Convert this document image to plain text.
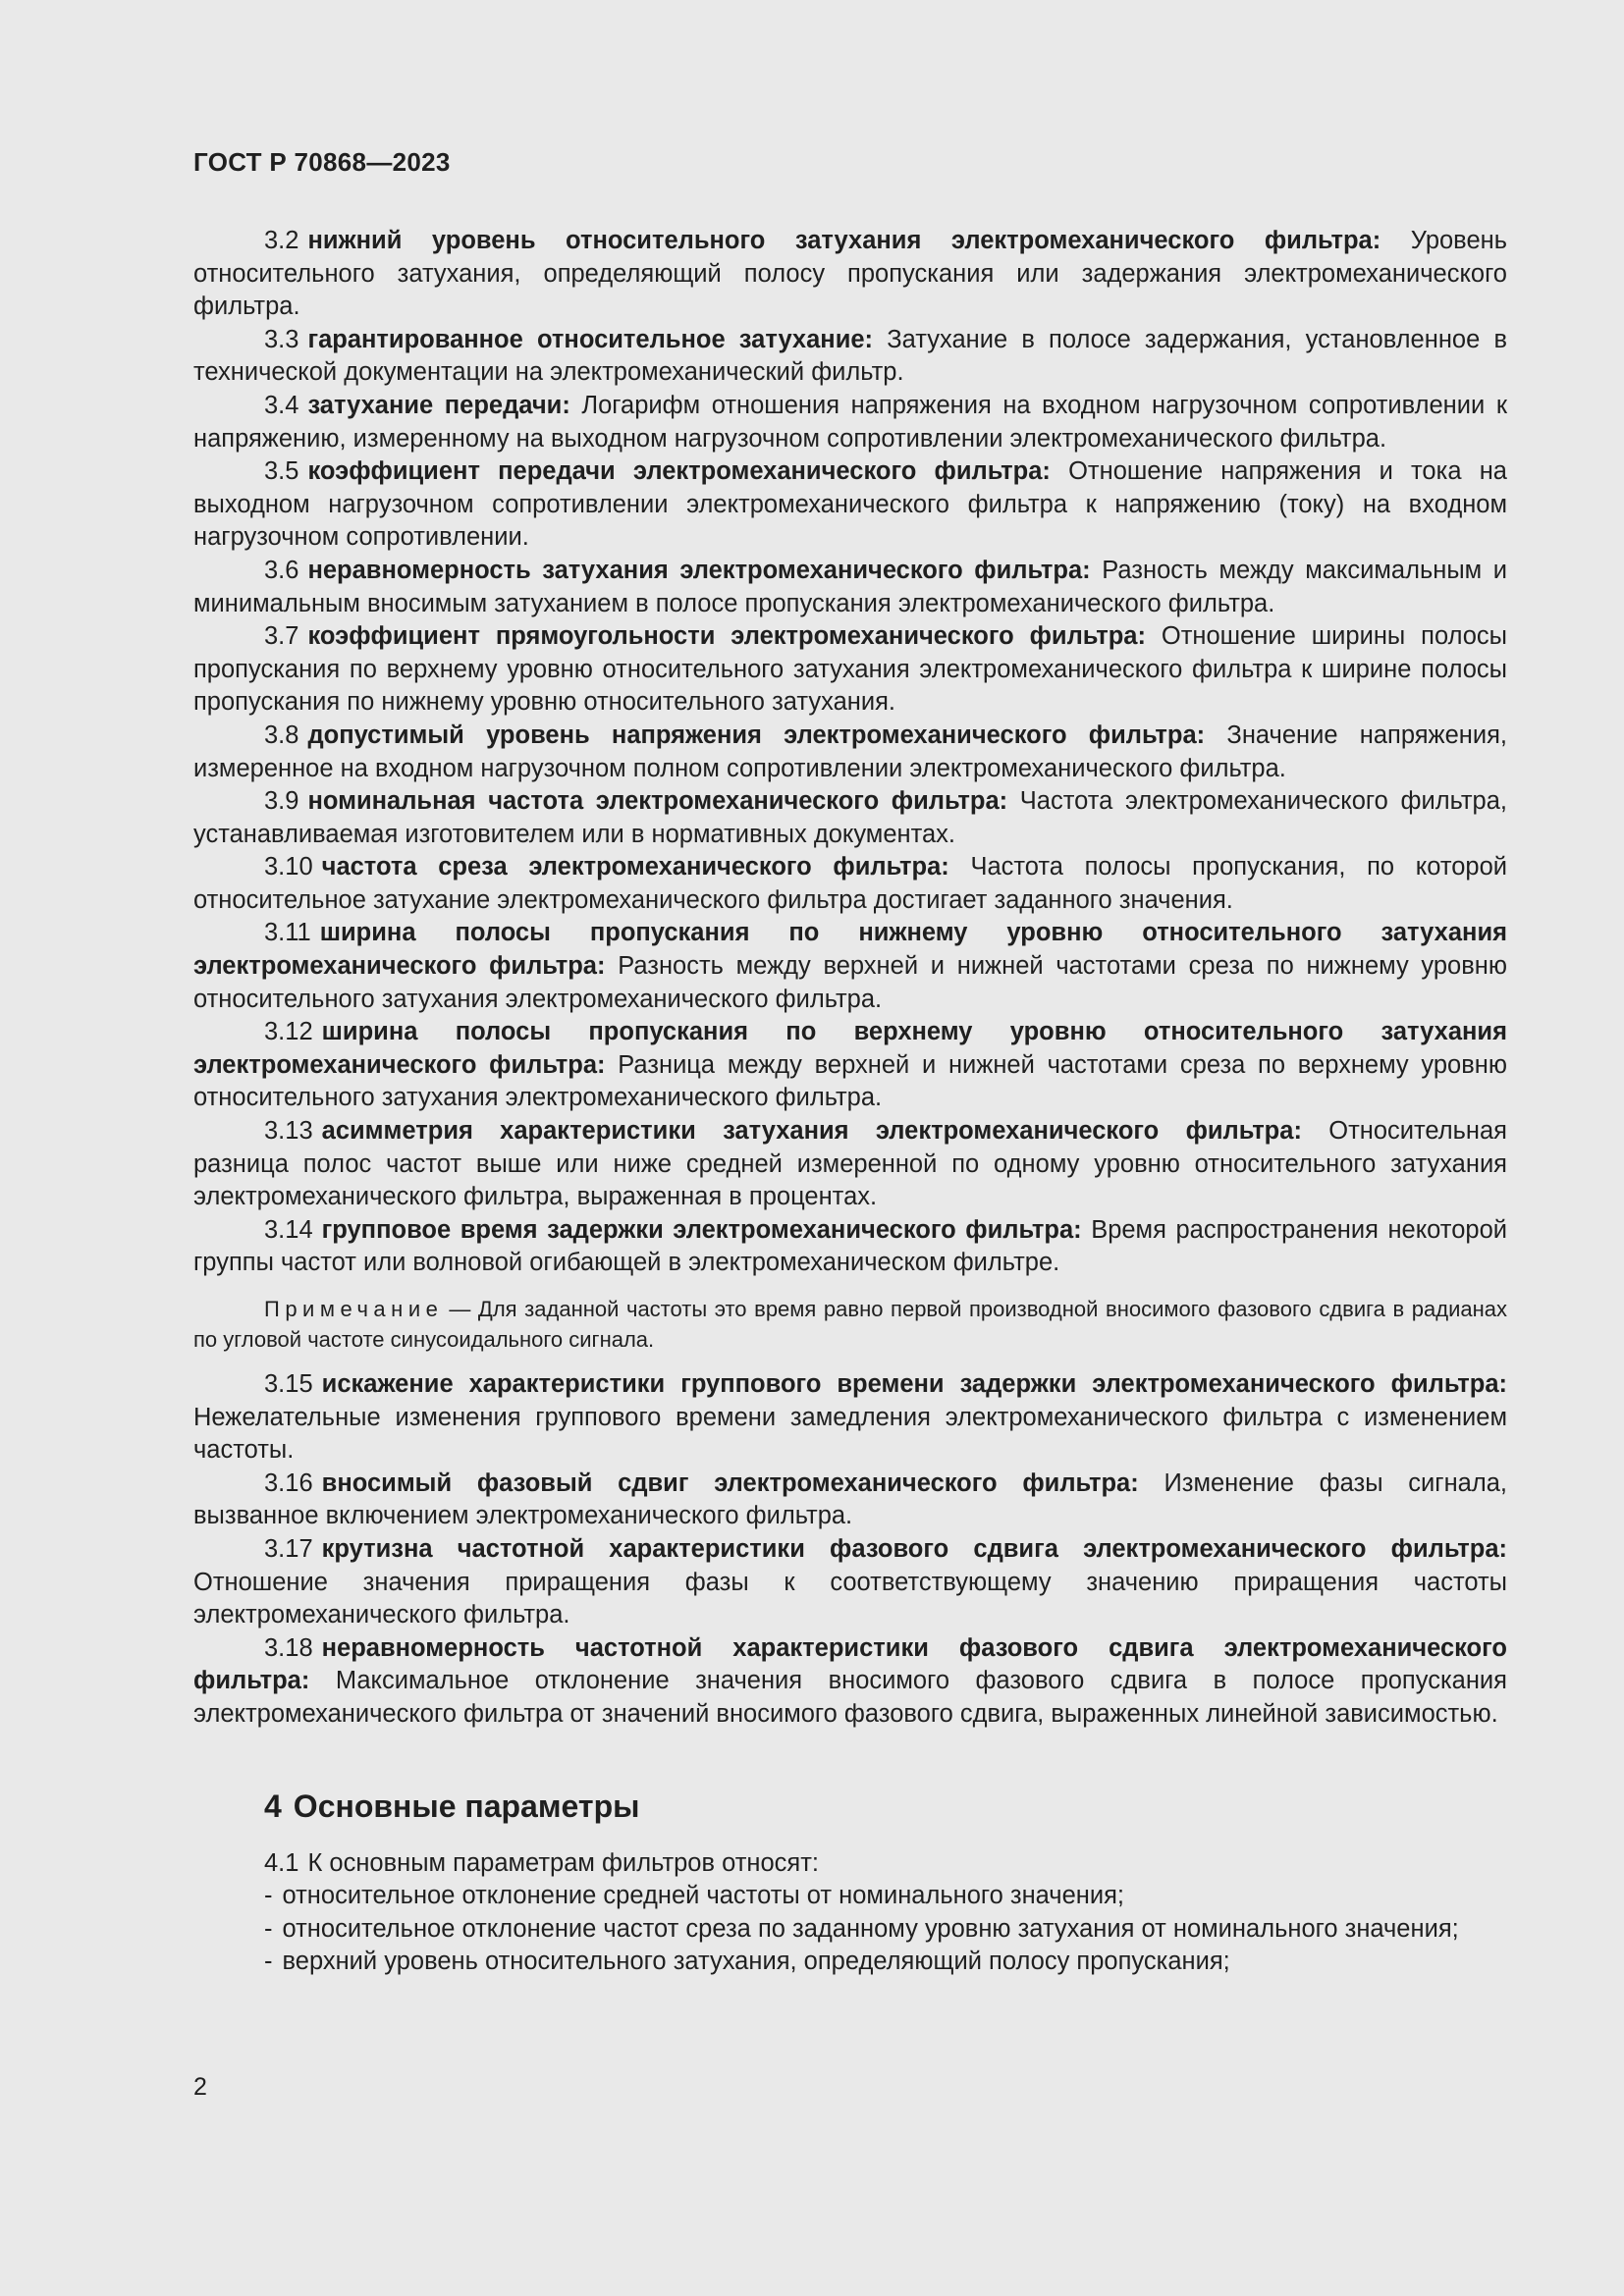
ГОСТ Р 70868—2023

3.2 нижний уровень относительного затухания электромеханического фильтра: Уровень относительного затухания, определяющий полосу пропускания или задержания электромеханического фильтра.

3.3 гарантированное относительное затухание: Затухание в полосе задержания, установленное в технической документации на электромеханический фильтр.

3.4 затухание передачи: Логарифм отношения напряжения на входном нагрузочном сопротивлении к напряжению, измеренному на выходном нагрузочном сопротивлении электромеханического фильтра.

3.5 коэффициент передачи электромеханического фильтра: Отношение напряжения и тока на выходном нагрузочном сопротивлении электромеханического фильтра к напряжению (току) на входном нагрузочном сопротивлении.

3.6 неравномерность затухания электромеханического фильтра: Разность между максимальным и минимальным вносимым затуханием в полосе пропускания электромеханического фильтра.

3.7 коэффициент прямоугольности электромеханического фильтра: Отношение ширины полосы пропускания по верхнему уровню относительного затухания электромеханического фильтра к ширине полосы пропускания по нижнему уровню относительного затухания.

3.8 допустимый уровень напряжения электромеханического фильтра: Значение напряжения, измеренное на входном нагрузочном полном сопротивлении электромеханического фильтра.

3.9 номинальная частота электромеханического фильтра: Частота электромеханического фильтра, устанавливаемая изготовителем или в нормативных документах.

3.10 частота среза электромеханического фильтра: Частота полосы пропускания, по которой относительное затухание электромеханического фильтра достигает заданного значения.

3.11 ширина полосы пропускания по нижнему уровню относительного затухания электромеханического фильтра: Разность между верхней и нижней частотами среза по нижнему уровню относительного затухания электромеханического фильтра.

3.12 ширина полосы пропускания по верхнему уровню относительного затухания электромеханического фильтра: Разница между верхней и нижней частотами среза по верхнему уровню относительного затухания электромеханического фильтра.

3.13 асимметрия характеристики затухания электромеханического фильтра: Относительная разница полос частот выше или ниже средней измеренной по одному уровню относительного затухания электромеханического фильтра, выраженная в процентах.

3.14 групповое время задержки электромеханического фильтра: Время распространения некоторой группы частот или волновой огибающей в электромеханическом фильтре.

Примечание — Для заданной частоты это время равно первой производной вносимого фазового сдвига в радианах по угловой частоте синусоидального сигнала.

3.15 искажение характеристики группового времени задержки электромеханического фильтра: Нежелательные изменения группового времени замедления электромеханического фильтра с изменением частоты.

3.16 вносимый фазовый сдвиг электромеханического фильтра: Изменение фазы сигнала, вызванное включением электромеханического фильтра.

3.17 крутизна частотной характеристики фазового сдвига электромеханического фильтра: Отношение значения приращения фазы к соответствующему значению приращения частоты электромеханического фильтра.

3.18 неравномерность частотной характеристики фазового сдвига электромеханического фильтра: Максимальное отклонение значения вносимого фазового сдвига в полосе пропускания электромеханического фильтра от значений вносимого фазового сдвига, выраженных линейной зависимостью.

4 Основные параметры

4.1 К основным параметрам фильтров относят:

- относительное отклонение средней частоты от номинального значения;

- относительное отклонение частот среза по заданному уровню затухания от номинального значения;

- верхний уровень относительного затухания, определяющий полосу пропускания;

2
